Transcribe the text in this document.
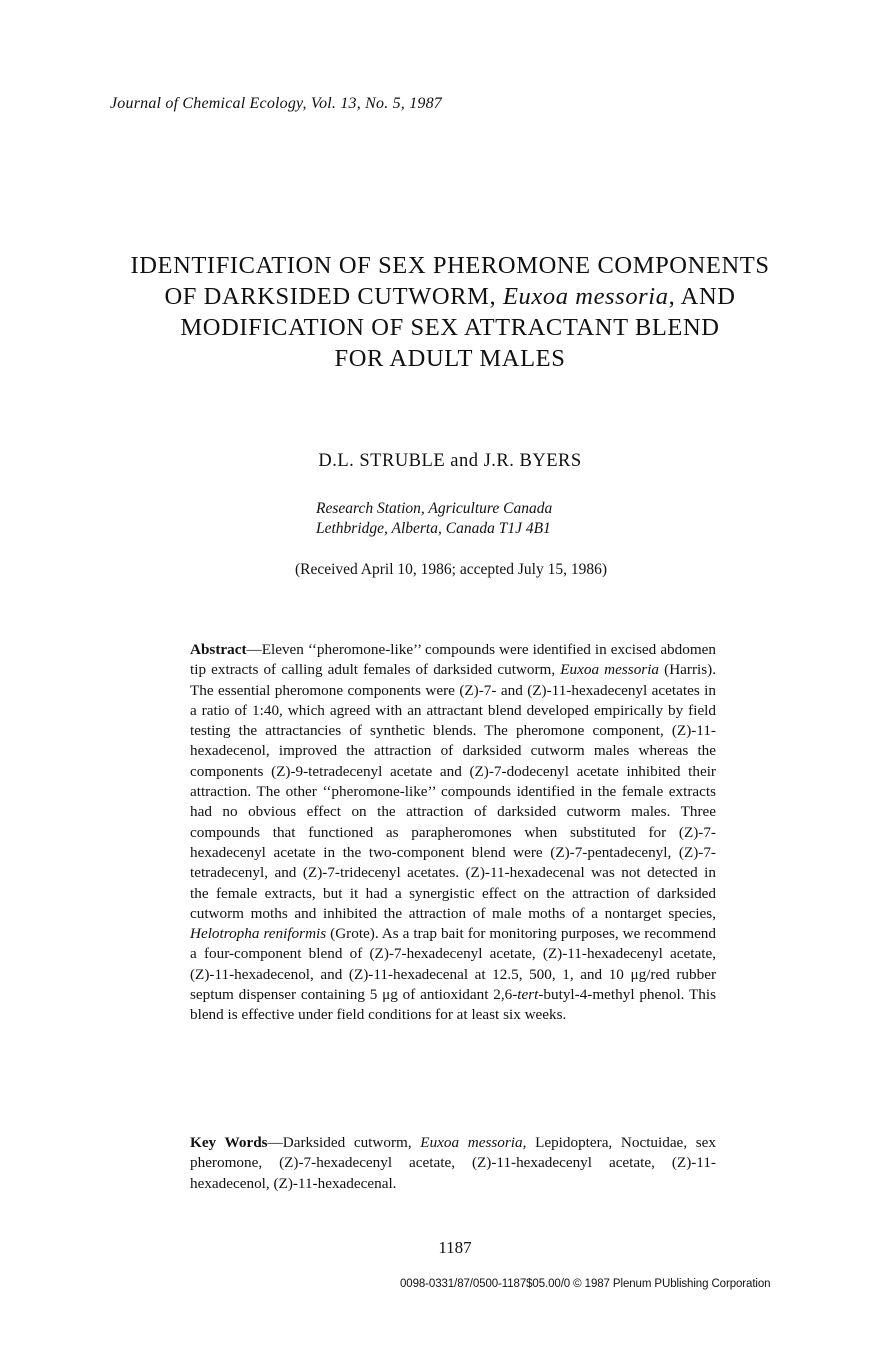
Journal of Chemical Ecology, Vol. 13, No. 5, 1987
IDENTIFICATION OF SEX PHEROMONE COMPONENTS
OF DARKSIDED CUTWORM, Euxoa messoria, AND
MODIFICATION OF SEX ATTRACTANT BLEND
FOR ADULT MALES
D.L. STRUBLE and J.R. BYERS
Research Station, Agriculture Canada
Lethbridge, Alberta, Canada T1J 4B1
(Received April 10, 1986; accepted July 15, 1986)

Abstract—Eleven ‘‘pheromone-like’’ compounds were identified in excised abdomen tip extracts of calling adult females of darksided cutworm, Euxoa messoria (Harris). The essential pheromone components were (Z)-7- and (Z)-11-hexadecenyl acetates in a ratio of 1:40, which agreed with an attractant blend developed empirically by field testing the attractancies of synthetic blends. The pheromone component, (Z)-11-hexadecenol, improved the attraction of darksided cutworm males whereas the components (Z)-9-tetradecenyl acetate and (Z)-7-dodecenyl acetate inhibited their attraction. The other ‘‘pheromone-like’’ compounds identified in the female extracts had no obvious effect on the attraction of darksided cutworm males. Three compounds that functioned as parapheromones when substituted for (Z)-7-hexadecenyl acetate in the two-component blend were (Z)-7-pentadecenyl, (Z)-7-tetradecenyl, and (Z)-7-tridecenyl acetates. (Z)-11-hexadecenal was not detected in the female extracts, but it had a synergistic effect on the attraction of darksided cutworm moths and inhibited the attraction of male moths of a nontarget species, Helotropha reniformis (Grote). As a trap bait for monitoring purposes, we recommend a four-component blend of (Z)-7-hexadecenyl acetate, (Z)-11-hexadecenyl acetate, (Z)-11-hexadecenol, and (Z)-11-hexadecenal at 12.5, 500, 1, and 10 μg/red rubber septum dispenser containing 5 μg of antioxidant 2,6-tert-butyl-4-methyl phenol. This blend is effective under field conditions for at least six weeks.

Key Words—Darksided cutworm, Euxoa messoria, Lepidoptera, Noctuidae, sex pheromone, (Z)-7-hexadecenyl acetate, (Z)-11-hexadecenyl acetate, (Z)-11-hexadecenol, (Z)-11-hexadecenal.

1187
0098-0331/87/0500-1187$05.00/0 © 1987 Plenum PUblishing Corporation
